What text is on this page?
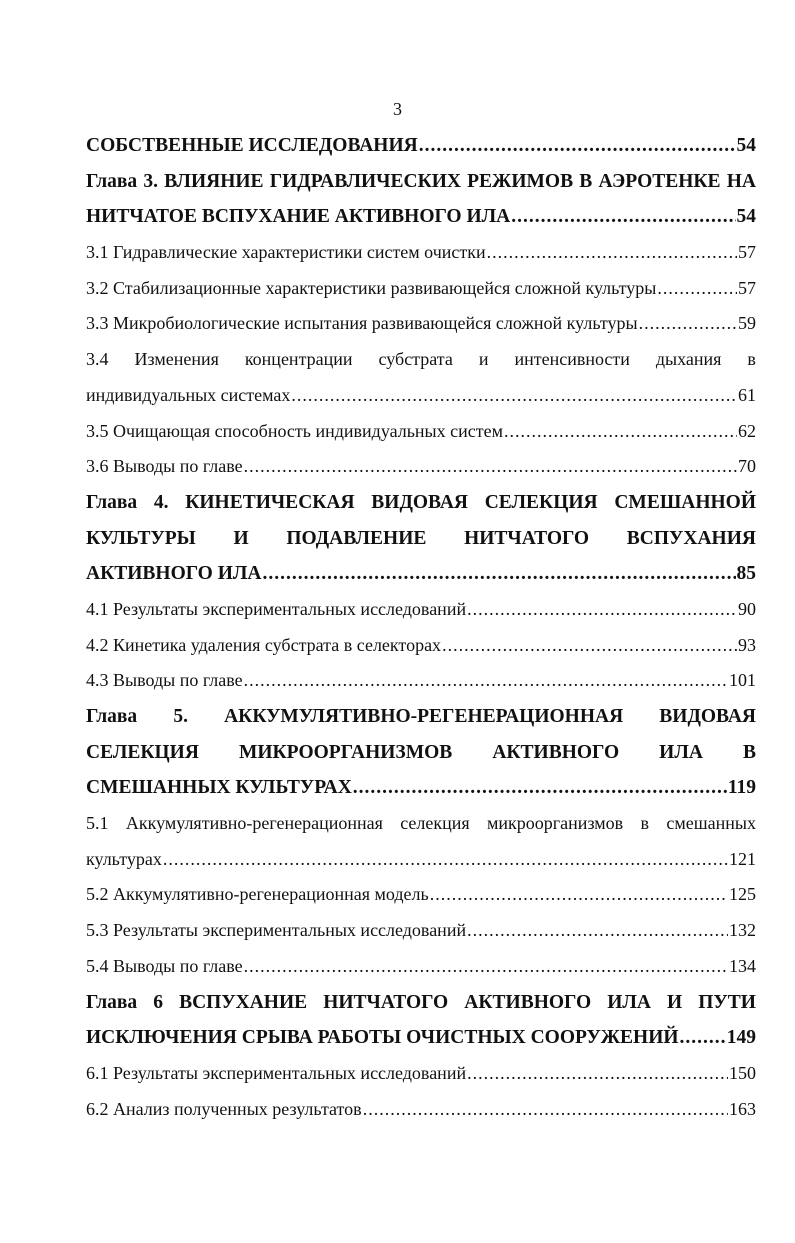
3
СОБСТВЕННЫЕ ИССЛЕДОВАНИЯ .....	54
Глава 3. ВЛИЯНИЕ ГИДРАВЛИЧЕСКИХ РЕЖИМОВ В АЭРОТЕНКЕ НА
НИТЧАТОЕ ВСПУХАНИЕ АКТИВНОГО ИЛА .....	54
3.1 Гидравлические характеристики систем очистки .....	57
3.2 Стабилизационные характеристики развивающейся сложной культуры .....	57
3.3 Микробиологические испытания развивающейся сложной культуры .....	59
3.4 Изменения концентрации субстрата и интенсивности дыхания в
индивидуальных системах .....	61
3.5 Очищающая способность индивидуальных систем .....	62
3.6 Выводы по главе .....	70
Глава 4. КИНЕТИЧЕСКАЯ ВИДОВАЯ СЕЛЕКЦИЯ СМЕШАННОЙ
КУЛЬТУРЫ И ПОДАВЛЕНИЕ НИТЧАТОГО ВСПУХАНИЯ
АКТИВНОГО ИЛА .....	85
4.1 Результаты экспериментальных исследований .....	90
4.2 Кинетика удаления субстрата в селекторах .....	93
4.3 Выводы по главе .....	101
Глава 5. АККУМУЛЯТИВНО-РЕГЕНЕРАЦИОННАЯ ВИДОВАЯ
СЕЛЕКЦИЯ МИКРООРГАНИЗМОВ АКТИВНОГО ИЛА В
СМЕШАННЫХ КУЛЬТУРАХ .....	119
5.1 Аккумулятивно-регенерационная селекция микроорганизмов в смешанных
культурах .....	121
5.2 Аккумулятивно-регенерационная модель .....	125
5.3 Результаты экспериментальных исследований .....	132
5.4 Выводы по главе .....	134
Глава 6 ВСПУХАНИЕ НИТЧАТОГО АКТИВНОГО ИЛА И ПУТИ
ИСКЛЮЧЕНИЯ СРЫВА РАБОТЫ ОЧИСТНЫХ СООРУЖЕНИЙ ..... 149
6.1 Результаты экспериментальных исследований .....	150
6.2 Анализ полученных результатов .....	163
